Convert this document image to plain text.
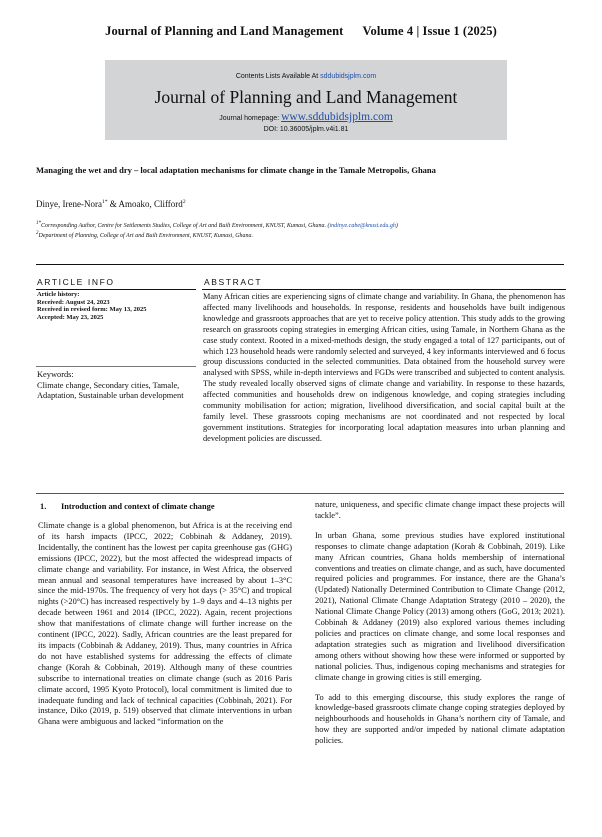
Journal of Planning and Land Management      Volume 4 | Issue 1 (2025)
Contents Lists Available At sddubidsjplm.com
Journal of Planning and Land Management
Journal homepage: www.sddubidsjplm.com
DOI: 10.36005/jplm.v4i1.81
Managing the wet and dry – local adaptation mechanisms for climate change in the Tamale Metropolis, Ghana
Dinye, Irene-Nora$^{1*}$ & Amoako, Clifford$^2$
$^{1*}$Corresponding Author, Centre for Settlements Studies, College of Art and Built Environment, KNUST, Kumasi, Ghana. (indinye.cabe@knust.edu.gh)
$^2$Department of Planning, College of Art and Built Environment, KNUST, Kumasi, Ghana.
ARTICLE INFO	ABSTRACT
Article history:
Received: August 24, 2023
Received in revised form: May 13, 2025
Accepted: May 23, 2025
Keywords:
Climate change, Secondary cities, Tamale, Adaptation, Sustainable urban development
Many African cities are experiencing signs of climate change and variability. In Ghana, the phenomenon has affected many livelihoods and households. In response, residents and households have built indigenous knowledge and grassroots approaches that are yet to receive policy attention. This study adds to the growing research on grassroots coping strategies in emerging African cities, using Tamale, in Northern Ghana as the case study context. Rooted in a mixed-methods design, the study engaged a total of 127 participants, out of which 123 household heads were randomly selected and surveyed, 4 key informants interviewed and 6 focus group discussions conducted in the selected communities. Data obtained from the household survey were analysed with SPSS, while in-depth interviews and FGDs were transcribed and subjected to content analysis. The study revealed locally observed signs of climate change and variability. In response to these hazards, affected communities and households drew on indigenous knowledge, and coping strategies including community mobilisation for action; migration, livelihood diversification, and social capital built at the family level. These grassroots coping mechanisms are not coordinated and not respected by local government institutions. Strategies for incorporating local adaptation measures into urban planning and development policies are discussed.
1.       Introduction and context of climate change

Climate change is a global phenomenon, but Africa is at the receiving end of its harsh impacts (IPCC, 2022; Cobbinah & Addaney, 2019). Incidentally, the continent has the lowest per capita greenhouse gas (GHG) emissions (IPCC, 2022), but the most affected the widespread impacts of climate change and variability. For instance, in West Africa, the observed mean annual and seasonal temperatures have increased by about 1–3°C since the mid-1970s. The frequency of very hot days (> 35°C) and tropical nights (>20°C) has increased respectively by 1–9 days and 4–13 nights per decade between 1961 and 2014 (IPCC, 2022). Again, recent projections show that manifestations of climate change will further increase on the continent (IPCC, 2022). Sadly, African countries are the least prepared for its impacts (Cobbinah & Addaney, 2019). Thus, many countries in Africa do not have established systems for addressing the effects of climate change (Korah & Cobbinah, 2019). Although many of these countries subscribe to international treaties on climate change (such as 2016 Paris climate accord, 1995 Kyoto Protocol), local commitment is limited due to inadequate funding and lack of technical capacities (Cobbinah, 2021). For instance, Diko (2019, p. 519) observed that climate interventions in urban Ghana were ambiguous and lacked “information on the

nature, uniqueness, and specific climate change impact these projects will tackle”.

In urban Ghana, some previous studies have explored institutional responses to climate change adaptation (Korah & Cobbinah, 2019). Like many African countries, Ghana holds membership of international conventions and treaties on climate change, and as such, have documented required policies and programmes. For instance, there are the Ghana’s (Updated) Nationally Determined Contribution to Climate Change (2012, 2021), National Climate Change Adaptation Strategy (2010 – 2020), the National Climate Change Policy (2013) among others (GoG, 2013; 2021). Cobbinah & Addaney (2019) also explored various themes including policies and practices on climate change, and some local responses and adaptation strategies such as migration and livelihood diversification among others without showing how these were informed or supported by national policies. Thus, indigenous coping mechanisms and strategies for climate change in growing cities is still emerging.

To add to this emerging discourse, this study explores the range of knowledge-based grassroots climate change coping strategies deployed by neighbourhoods and households in Ghana’s northern city of Tamale, and how they are supported and/or impeded by national climate adaptation policies.
